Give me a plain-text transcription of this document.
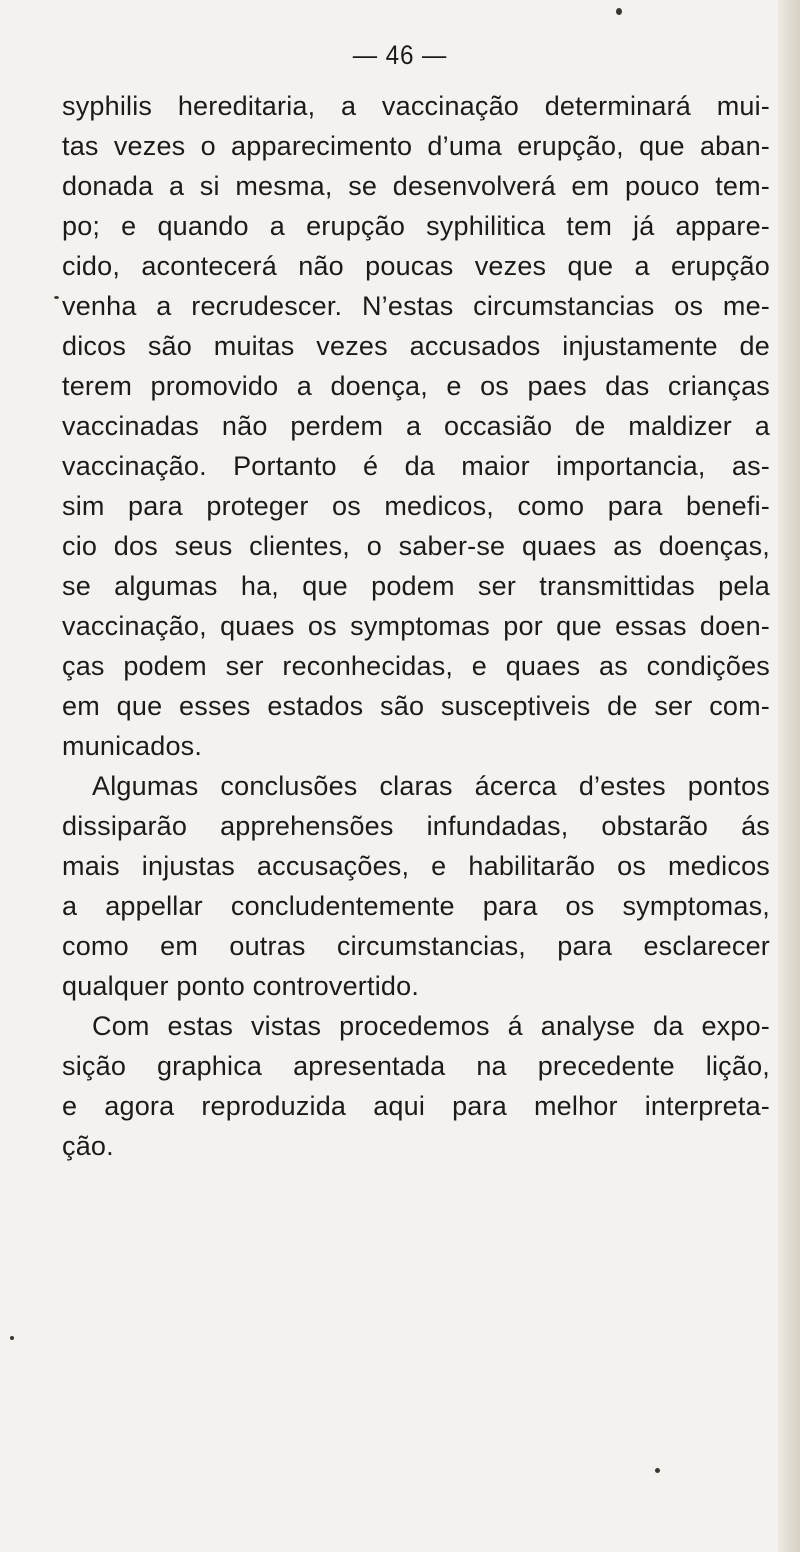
— 46 —
syphilis hereditaria, a vaccinação determinará mui-
tas vezes o apparecimento d’uma erupção, que aban-
donada a si mesma, se desenvolverá em pouco tem-
po; e quando a erupção syphilitica tem já appare-
cido, acontecerá não poucas vezes que a erupção
venha a recrudescer. N’estas circumstancias os me-
dicos são muitas vezes accusados injustamente de
terem promovido a doença, e os paes das crianças
vaccinadas não perdem a occasião de maldizer a
vaccinação. Portanto é da maior importancia, as-
sim para proteger os medicos, como para benefi-
cio dos seus clientes, o saber-se quaes as doenças,
se algumas ha, que podem ser transmittidas pela
vaccinação, quaes os symptomas por que essas doen-
ças podem ser reconhecidas, e quaes as condições
em que esses estados são susceptiveis de ser com-
municados.
Algumas conclusões claras ácerca d’estes pontos
dissiparão apprehensões infundadas, obstarão ás
mais injustas accusações, e habilitarão os medicos
a appellar concludentemente para os symptomas,
como em outras circumstancias, para esclarecer
qualquer ponto controvertido.
Com estas vistas procedemos á analyse da expo-
sição graphica apresentada na precedente lição,
e agora reproduzida aqui para melhor interpreta-
ção.
